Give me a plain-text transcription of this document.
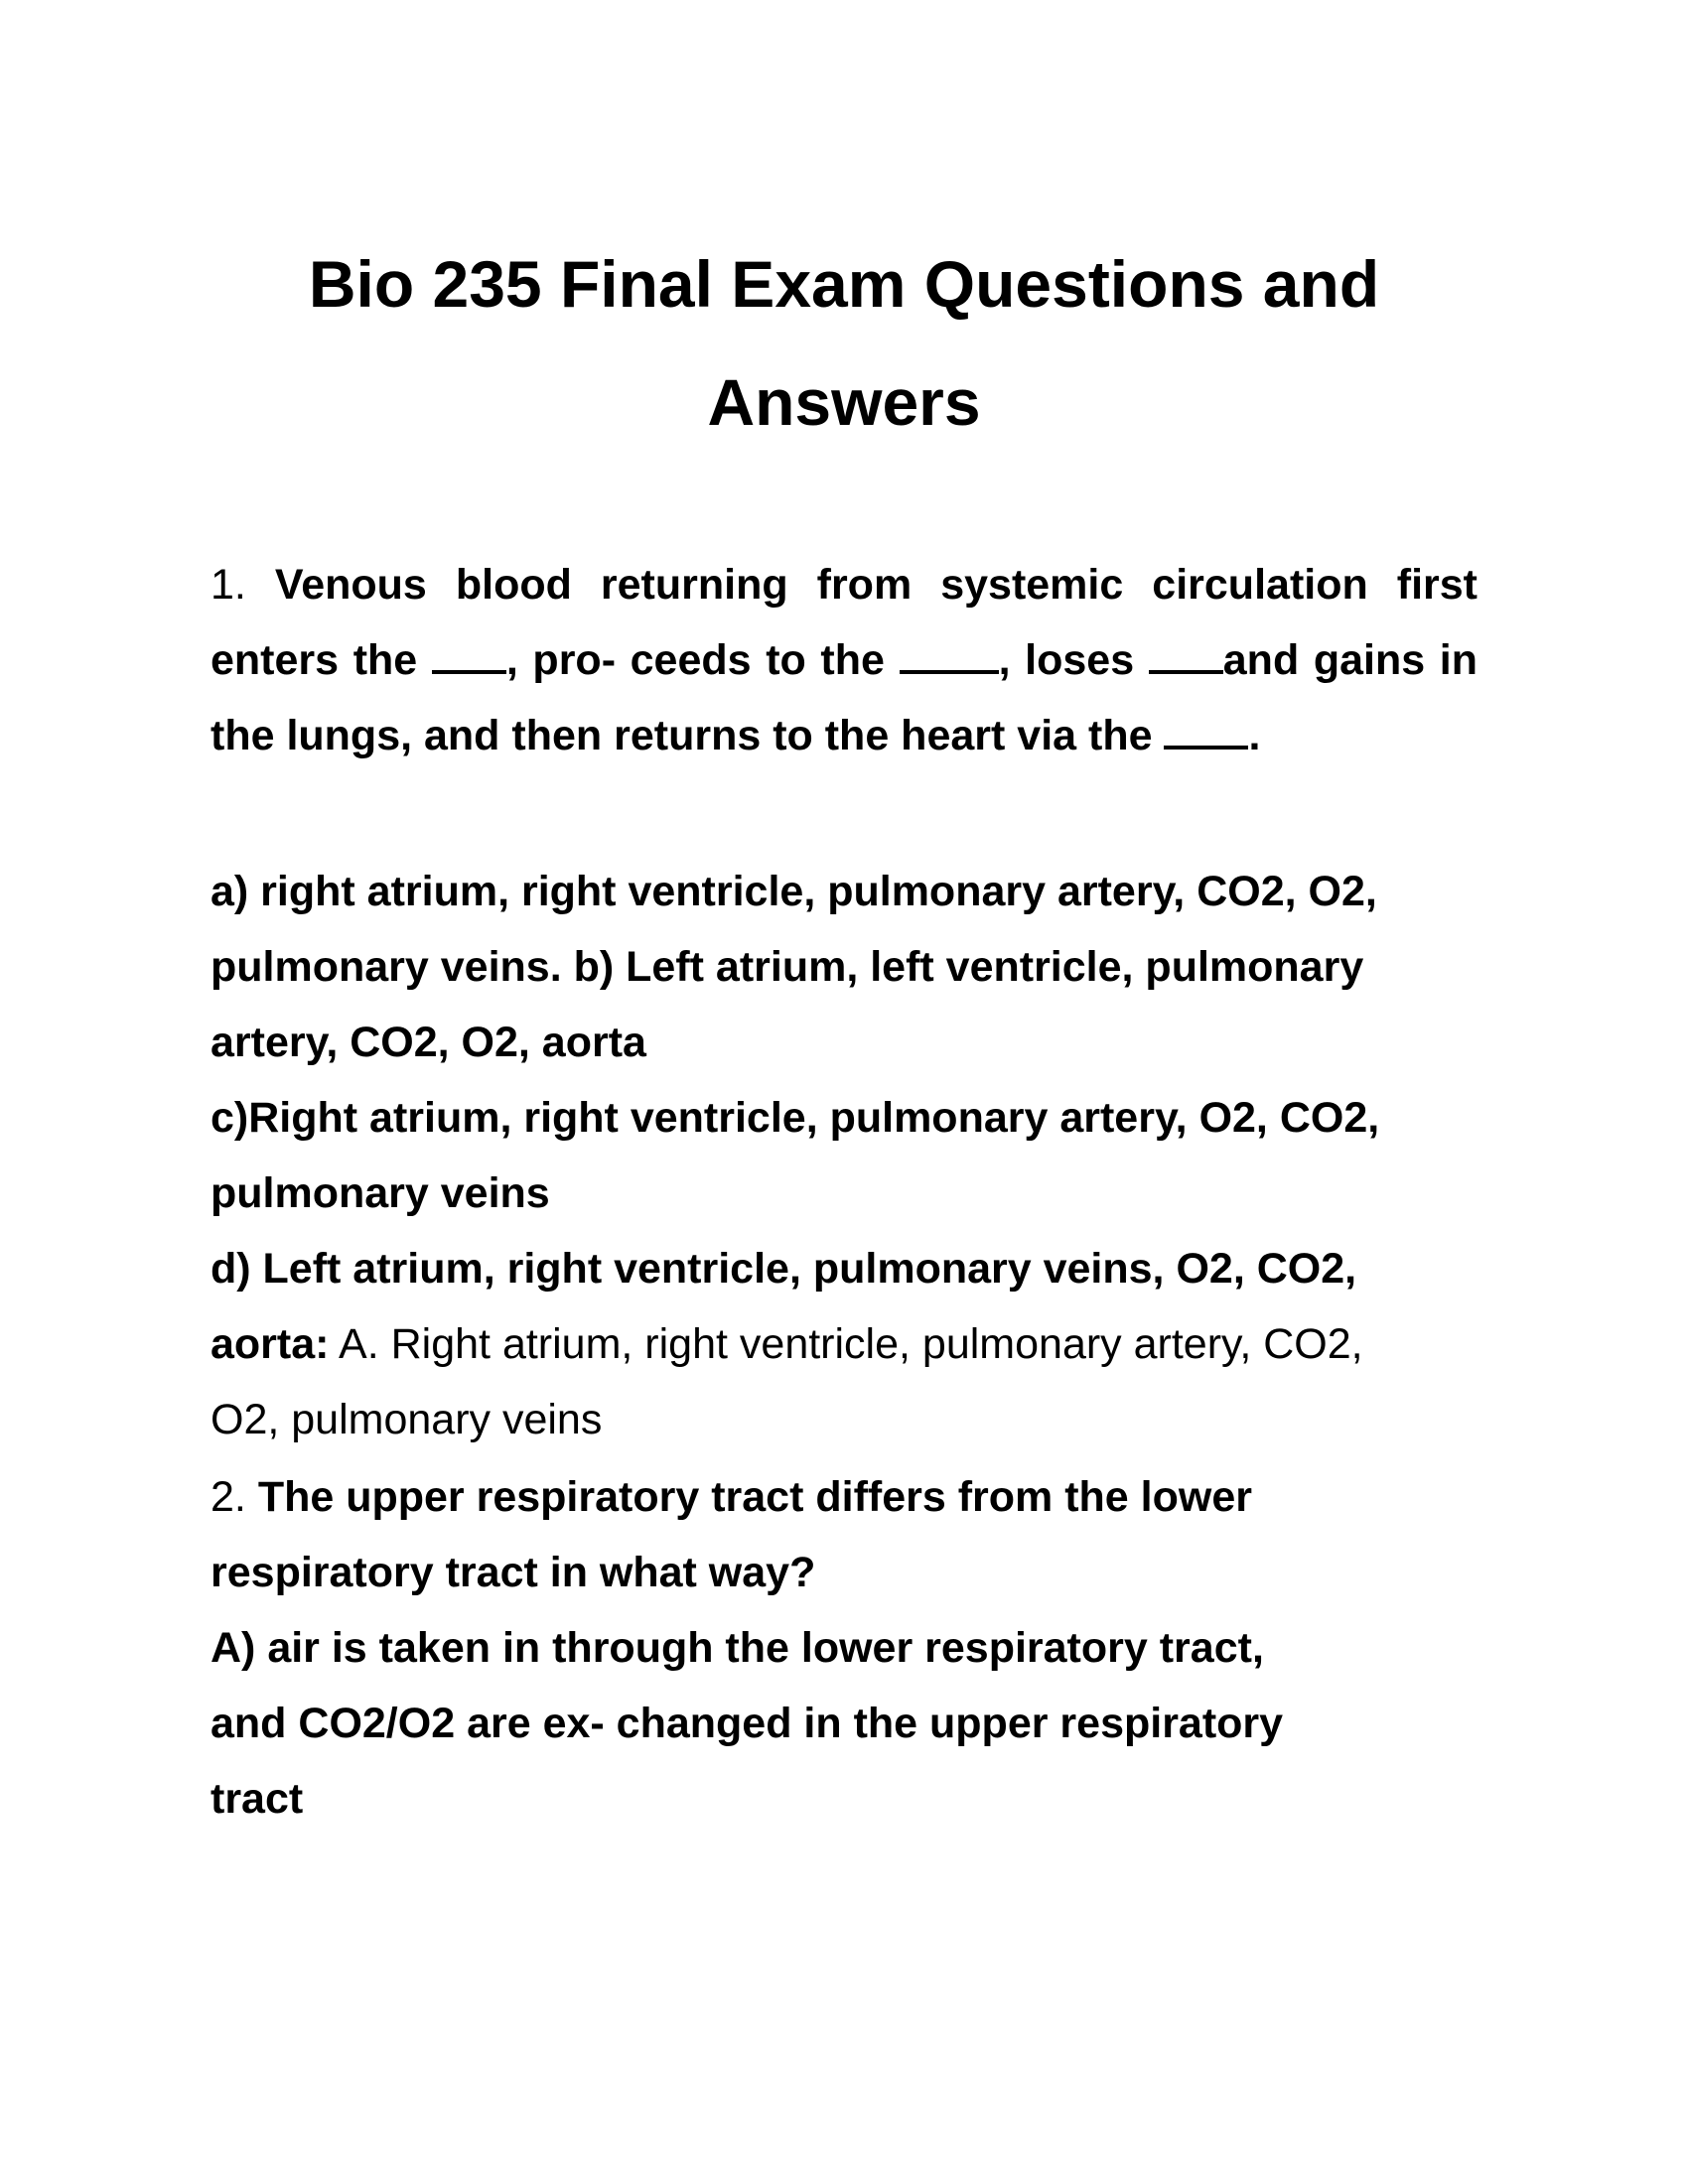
Bio 235 Final Exam Questions and
Answers
1. Venous blood returning from systemic circulation first enters the , pro- ceeds to the , loses and gains in the lungs, and then returns to the heart via the .
a) right atrium, right ventricle, pulmonary artery, CO2, O2,
pulmonary veins. b) Left atrium, left ventricle, pulmonary
artery, CO2, O2, aorta
c)Right atrium, right ventricle, pulmonary artery, O2, CO2,
pulmonary veins
d) Left atrium, right ventricle, pulmonary veins, O2, CO2,
aorta: A. Right atrium, right ventricle, pulmonary artery, CO2,
O2, pulmonary veins
2. The upper respiratory tract differs from the lower
respiratory tract in what way?
A) air is taken in through the lower respiratory tract,
and CO2/O2 are ex- changed in the upper respiratory
tract
